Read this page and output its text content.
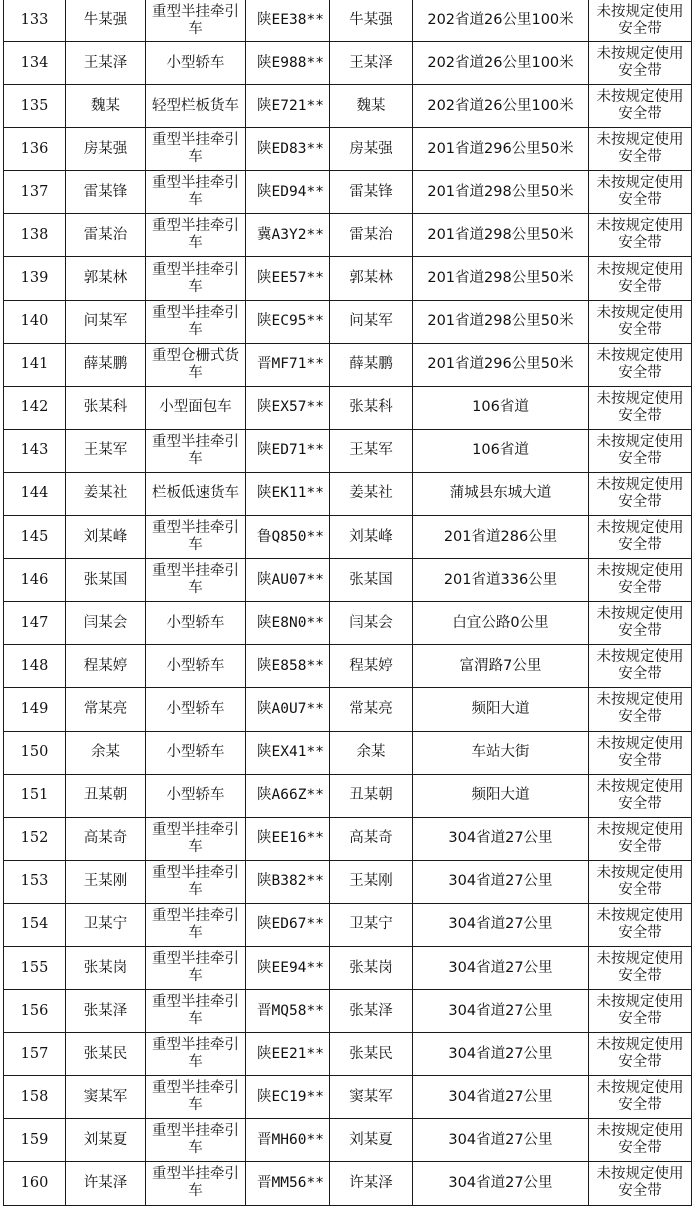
133	牛某强	重型半挂牵引车	陕EE38**	牛某强	202省道26公里100米	未按规定使用安全带
134	王某泽	小型轿车	陕E988**	王某泽	202省道26公里100米	未按规定使用安全带
135	魏某	轻型栏板货车	陕E721**	魏某	202省道26公里100米	未按规定使用安全带
136	房某强	重型半挂牵引车	陕ED83**	房某强	201省道296公里50米	未按规定使用安全带
137	雷某锋	重型半挂牵引车	陕ED94**	雷某锋	201省道298公里50米	未按规定使用安全带
138	雷某治	重型半挂牵引车	冀A3Y2**	雷某治	201省道298公里50米	未按规定使用安全带
139	郭某林	重型半挂牵引车	陕EE57**	郭某林	201省道298公里50米	未按规定使用安全带
140	问某军	重型半挂牵引车	陕EC95**	问某军	201省道298公里50米	未按规定使用安全带
141	薛某鹏	重型仓栅式货车	晋MF71**	薛某鹏	201省道296公里50米	未按规定使用安全带
142	张某科	小型面包车	陕EX57**	张某科	106省道	未按规定使用安全带
143	王某军	重型半挂牵引车	陕ED71**	王某军	106省道	未按规定使用安全带
144	姜某社	栏板低速货车	陕EK11**	姜某社	蒲城县东城大道	未按规定使用安全带
145	刘某峰	重型半挂牵引车	鲁Q850**	刘某峰	201省道286公里	未按规定使用安全带
146	张某国	重型半挂牵引车	陕AU07**	张某国	201省道336公里	未按规定使用安全带
147	闫某会	小型轿车	陕E8N0**	闫某会	白宜公路0公里	未按规定使用安全带
148	程某婷	小型轿车	陕E858**	程某婷	富渭路7公里	未按规定使用安全带
149	常某亮	小型轿车	陕A0U7**	常某亮	频阳大道	未按规定使用安全带
150	余某	小型轿车	陕EX41**	余某	车站大街	未按规定使用安全带
151	丑某朝	小型轿车	陕A66Z**	丑某朝	频阳大道	未按规定使用安全带
152	高某奇	重型半挂牵引车	陕EE16**	高某奇	304省道27公里	未按规定使用安全带
153	王某刚	重型半挂牵引车	陕B382**	王某刚	304省道27公里	未按规定使用安全带
154	卫某宁	重型半挂牵引车	陕ED67**	卫某宁	304省道27公里	未按规定使用安全带
155	张某岗	重型半挂牵引车	陕EE94**	张某岗	304省道27公里	未按规定使用安全带
156	张某泽	重型半挂牵引车	晋MQ58**	张某泽	304省道27公里	未按规定使用安全带
157	张某民	重型半挂牵引车	陕EE21**	张某民	304省道27公里	未按规定使用安全带
158	窦某军	重型半挂牵引车	陕EC19**	窦某军	304省道27公里	未按规定使用安全带
159	刘某夏	重型半挂牵引车	晋MH60**	刘某夏	304省道27公里	未按规定使用安全带
160	许某泽	重型半挂牵引车	晋MM56**	许某泽	304省道27公里	未按规定使用安全带
